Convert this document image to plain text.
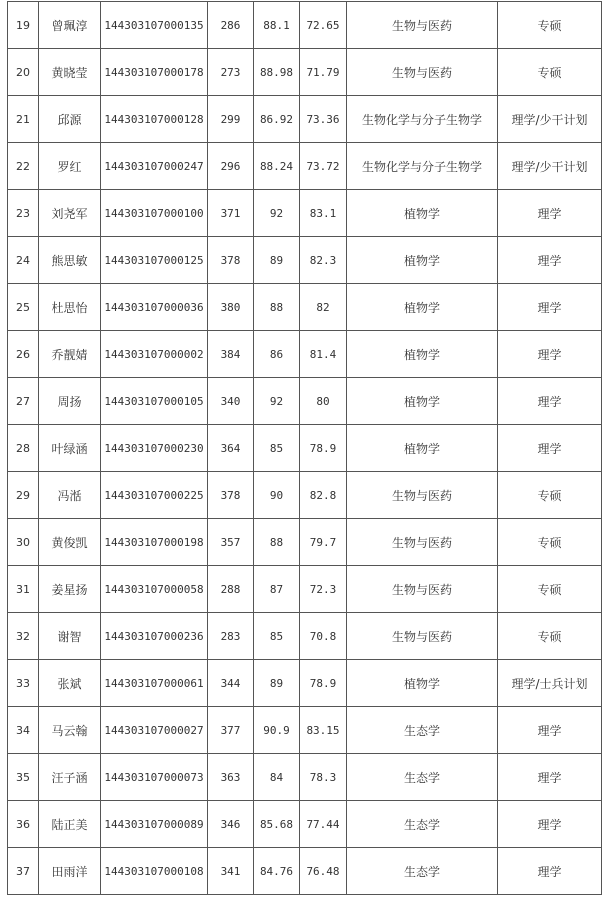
19	曾珮淳	144303107000135	286	88.1	72.65	生物与医药	专硕
20	黄晓莹	144303107000178	273	88.98	71.79	生物与医药	专硕
21	邱源	144303107000128	299	86.92	73.36	生物化学与分子生物学	理学/少干计划
22	罗红	144303107000247	296	88.24	73.72	生物化学与分子生物学	理学/少干计划
23	刘尧军	144303107000100	371	92	83.1	植物学	理学
24	熊思敏	144303107000125	378	89	82.3	植物学	理学
25	杜思怡	144303107000036	380	88	82	植物学	理学
26	乔靓婧	144303107000002	384	86	81.4	植物学	理学
27	周扬	144303107000105	340	92	80	植物学	理学
28	叶绿涵	144303107000230	364	85	78.9	植物学	理学
29	冯湉	144303107000225	378	90	82.8	生物与医药	专硕
30	黄俊凯	144303107000198	357	88	79.7	生物与医药	专硕
31	姜星扬	144303107000058	288	87	72.3	生物与医药	专硕
32	谢智	144303107000236	283	85	70.8	生物与医药	专硕
33	张斌	144303107000061	344	89	78.9	植物学	理学/士兵计划
34	马云翰	144303107000027	377	90.9	83.15	生态学	理学
35	汪子涵	144303107000073	363	84	78.3	生态学	理学
36	陆正美	144303107000089	346	85.68	77.44	生态学	理学
37	田雨洋	144303107000108	341	84.76	76.48	生态学	理学
